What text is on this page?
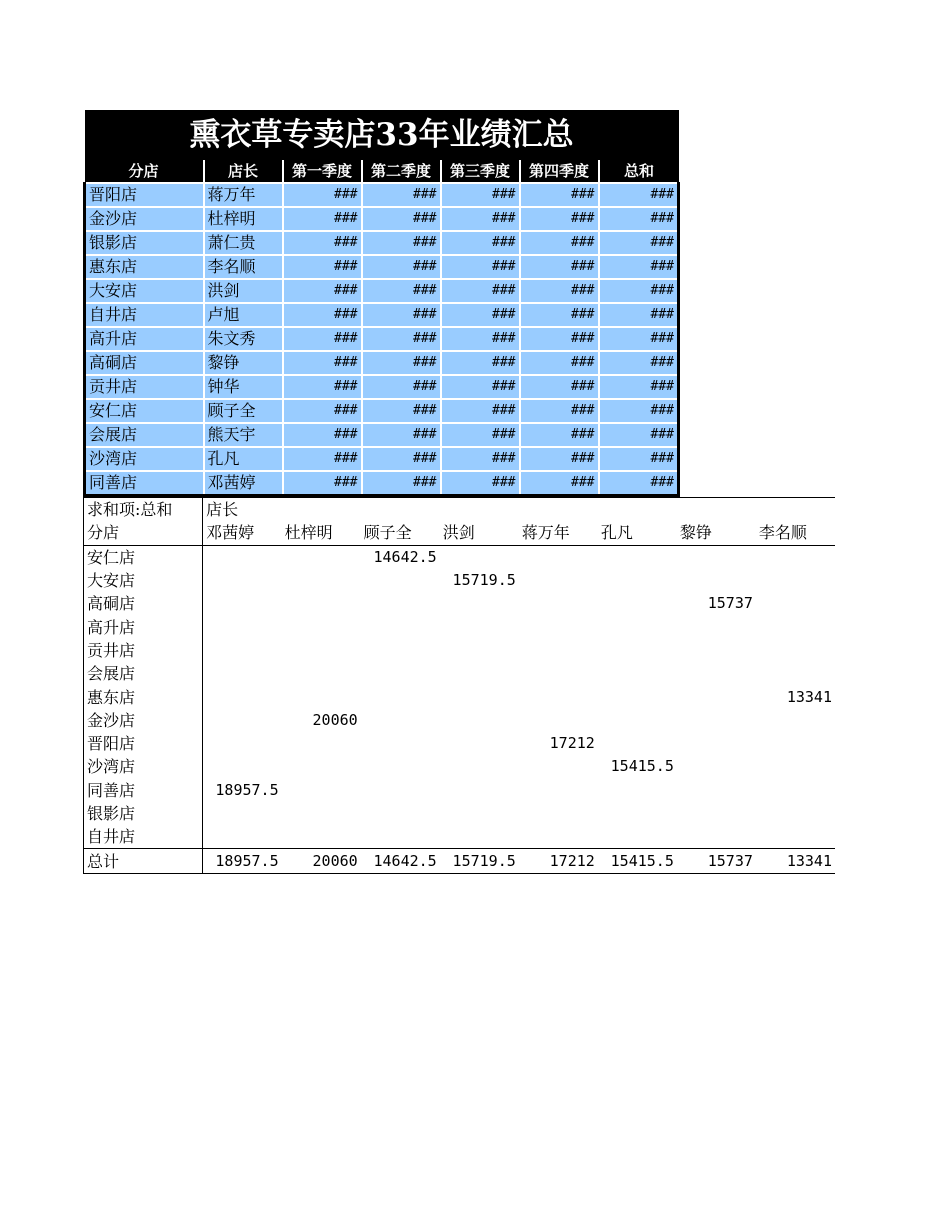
熏衣草专卖店33年业绩汇总						
分店	店长	第一季度	第二季度	第三季度	第四季度	总和
晋阳店	蒋万年	###	###	###	###	###
金沙店	杜梓明	###	###	###	###	###
银影店	萧仁贵	###	###	###	###	###
惠东店	李名顺	###	###	###	###	###
大安店	洪剑	###	###	###	###	###
自井店	卢旭	###	###	###	###	###
高升店	朱文秀	###	###	###	###	###
高硐店	黎铮	###	###	###	###	###
贡井店	钟华	###	###	###	###	###
安仁店	顾子全	###	###	###	###	###
会展店	熊天宇	###	###	###	###	###
沙湾店	孔凡	###	###	###	###	###
同善店	邓茜婷	###	###	###	###	###
求和项:总和	店长							
分店	邓茜婷	杜梓明	顾子全	洪剑	蒋万年	孔凡	黎铮	李名顺
安仁店			14642.5					
大安店				15719.5				
高硐店							15737	
高升店								
贡井店								
会展店								
惠东店								13341
金沙店		20060						
晋阳店					17212			
沙湾店						15415.5		
同善店	18957.5							
银影店								
自井店								
总计	18957.5	20060	14642.5	15719.5	17212	15415.5	15737	13341
